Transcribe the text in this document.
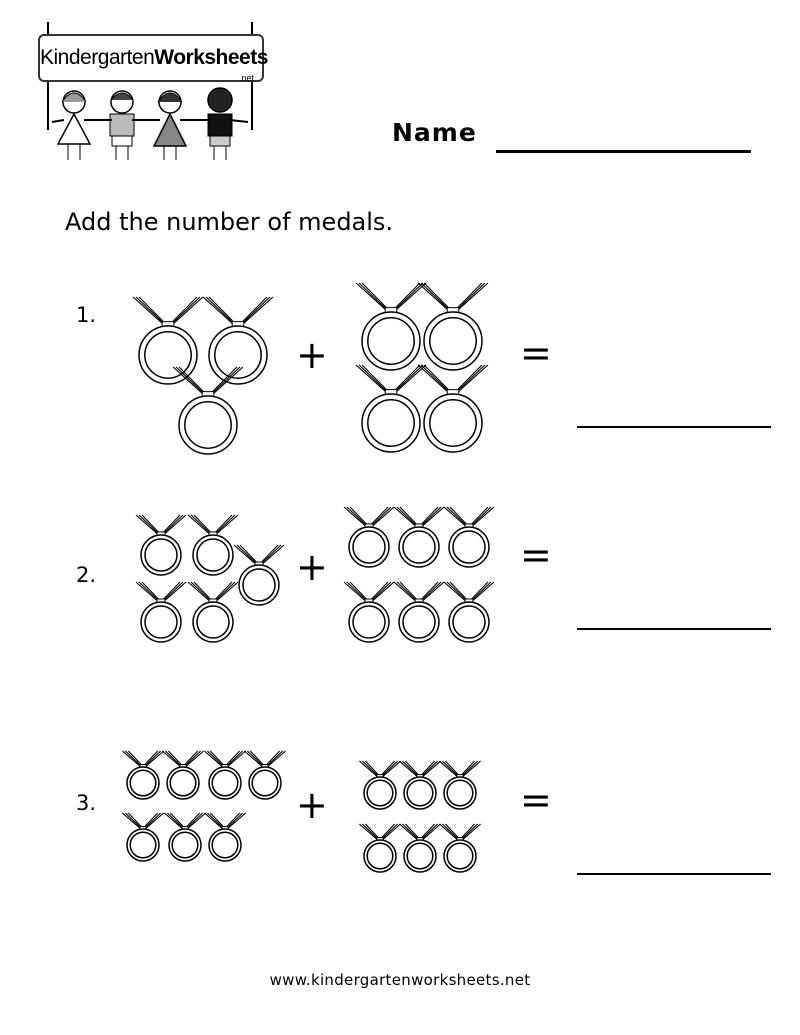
KindergartenWorksheets
.net
Name
Add the number of medals.
1.
+	=
2.	+	=
3.	+	=
www.kindergartenworksheets.net
